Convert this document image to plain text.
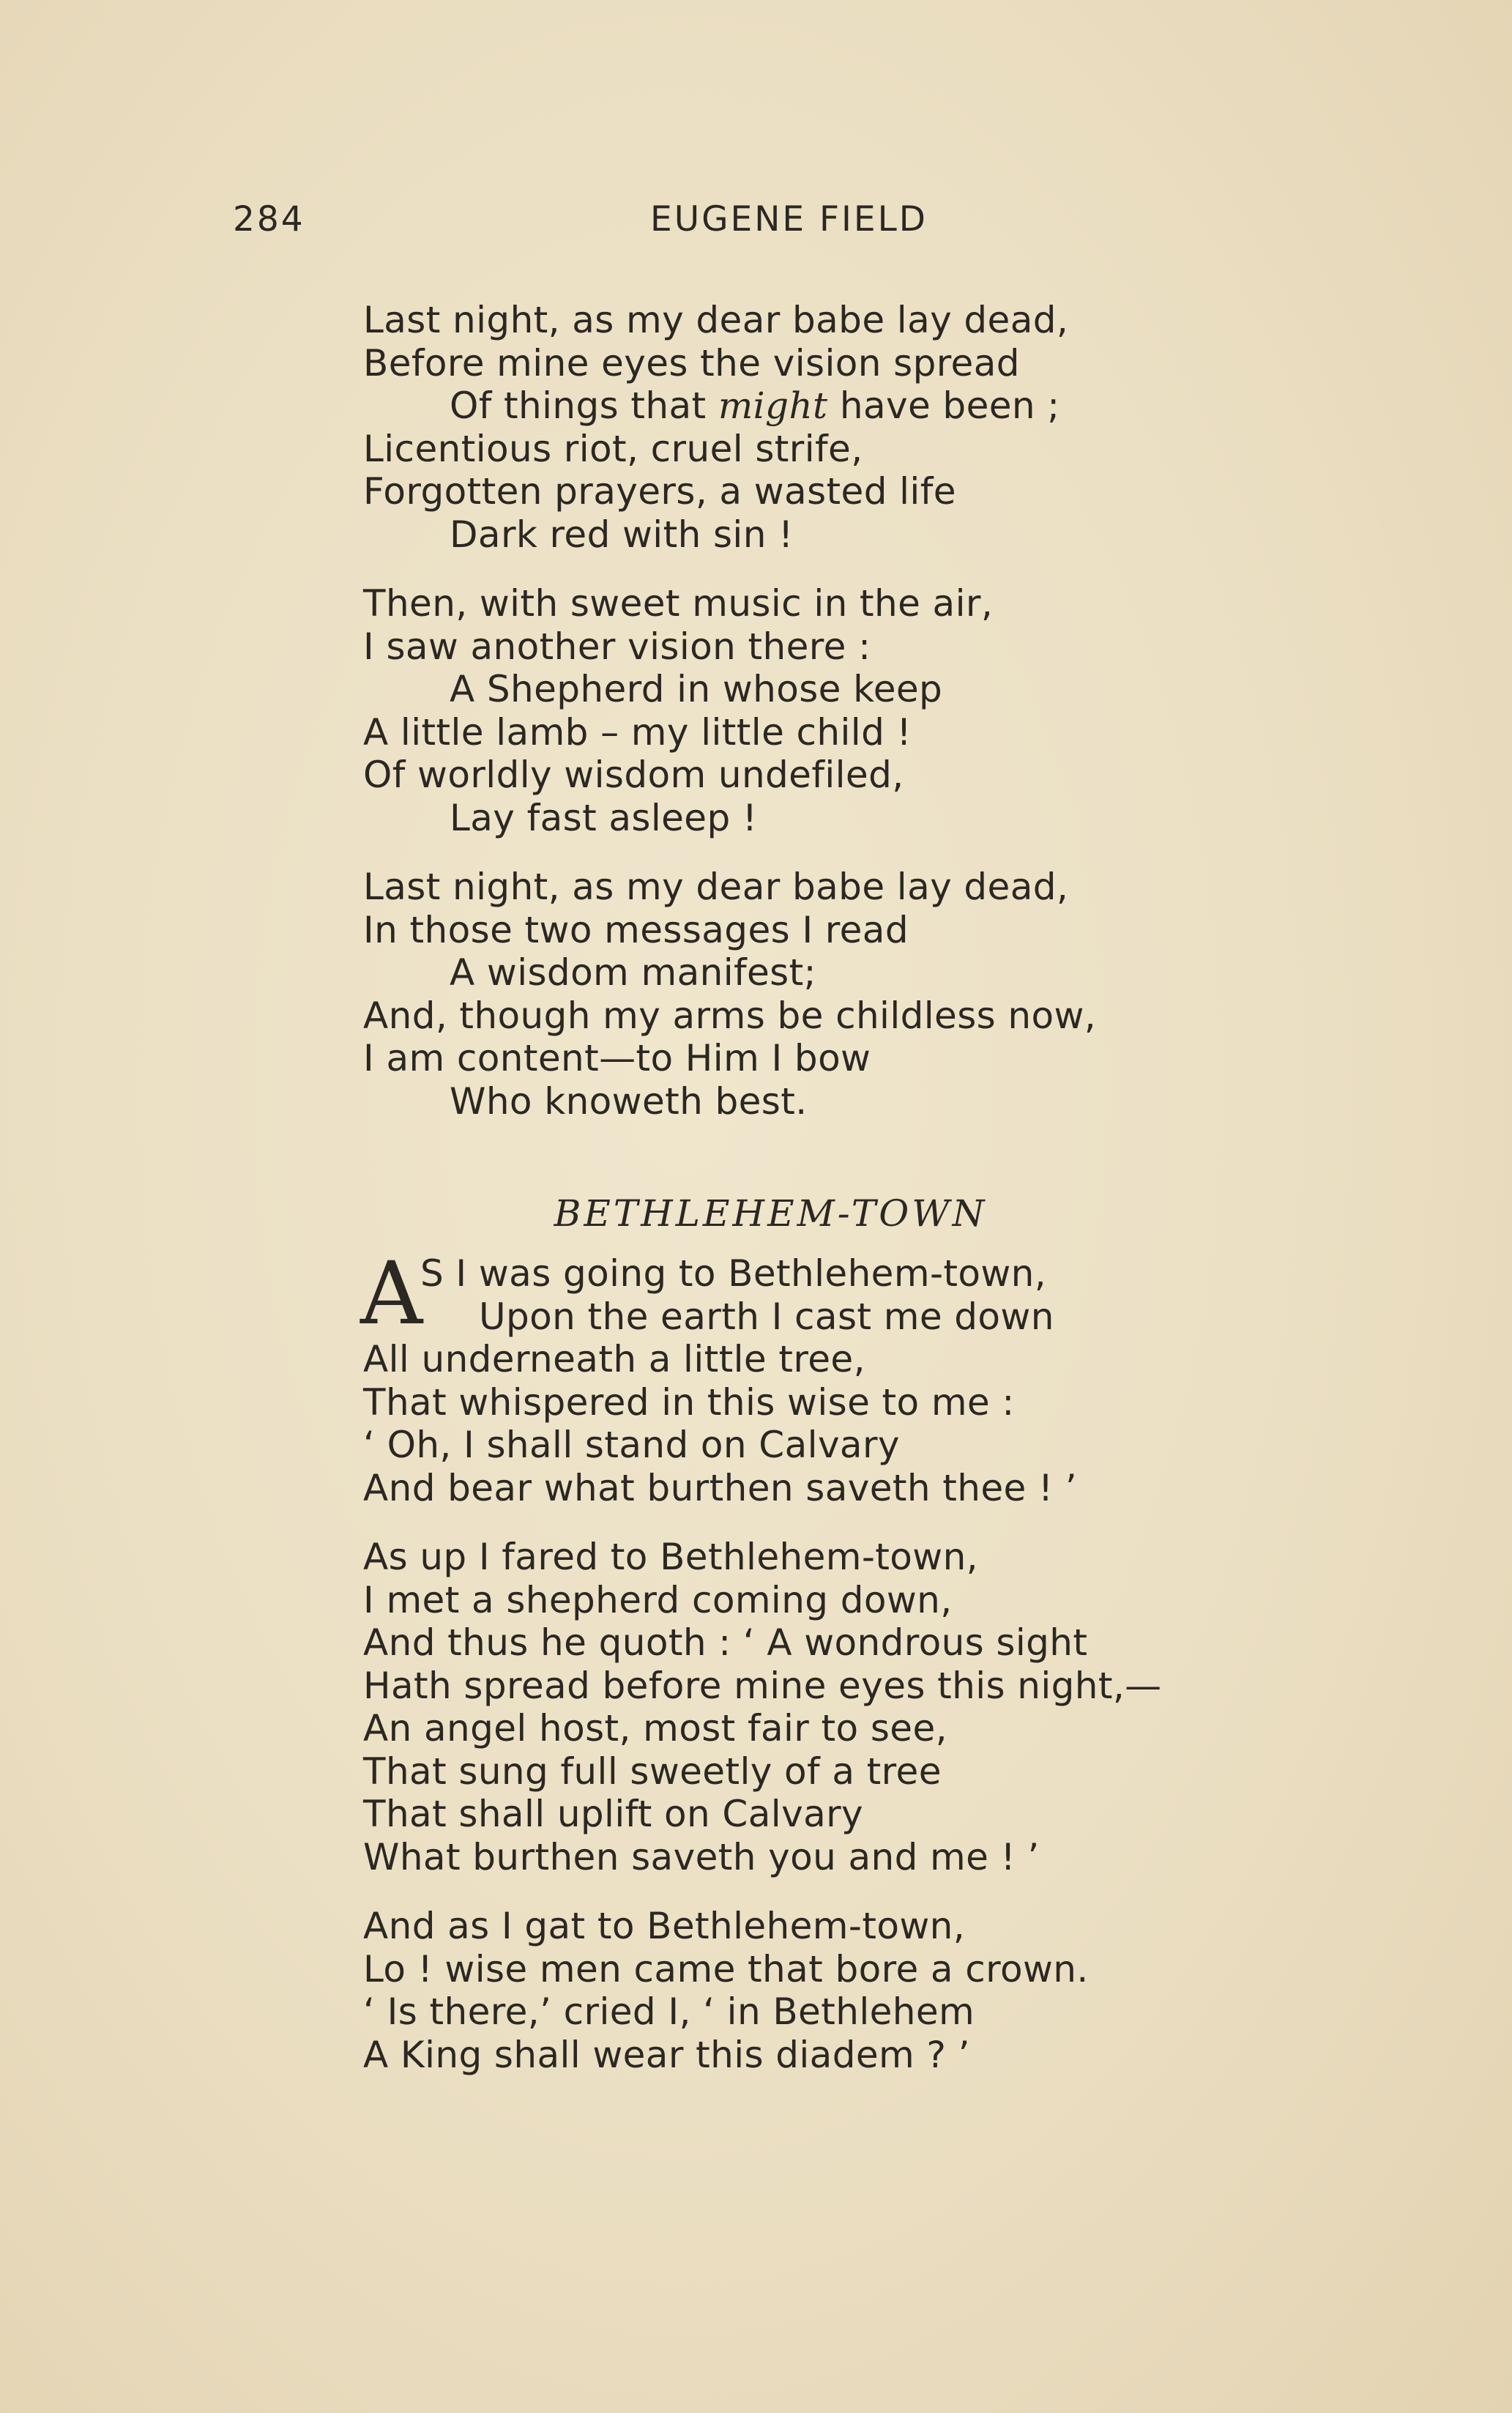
284	EUGENE FIELD
Last night, as my dear babe lay dead,
Before mine eyes the vision spread
Of things that might have been ;
Licentious riot, cruel strife,
Forgotten prayers, a wasted life
Dark red with sin !
Then, with sweet music in the air,
I saw another vision there :
A Shepherd in whose keep
A little lamb – my little child !
Of worldly wisdom undefiled,
Lay fast asleep !
Last night, as my dear babe lay dead,
In those two messages I read
A wisdom manifest;
And, though my arms be childless now,
I am content—to Him I bow
Who knoweth best.
BETHLEHEM-TOWN
A
S I was going to Bethlehem-town,
Upon the earth I cast me down
All underneath a little tree,
That whispered in this wise to me :
‘ Oh, I shall stand on Calvary
And bear what burthen saveth thee ! ’
As up I fared to Bethlehem-town,
I met a shepherd coming down,
And thus he quoth : ‘ A wondrous sight
Hath spread before mine eyes this night,—
An angel host, most fair to see,
That sung full sweetly of a tree
That shall uplift on Calvary
What burthen saveth you and me ! ’
And as I gat to Bethlehem-town,
Lo ! wise men came that bore a crown.
‘ Is there,’ cried I, ‘ in Bethlehem
A King shall wear this diadem ? ’
